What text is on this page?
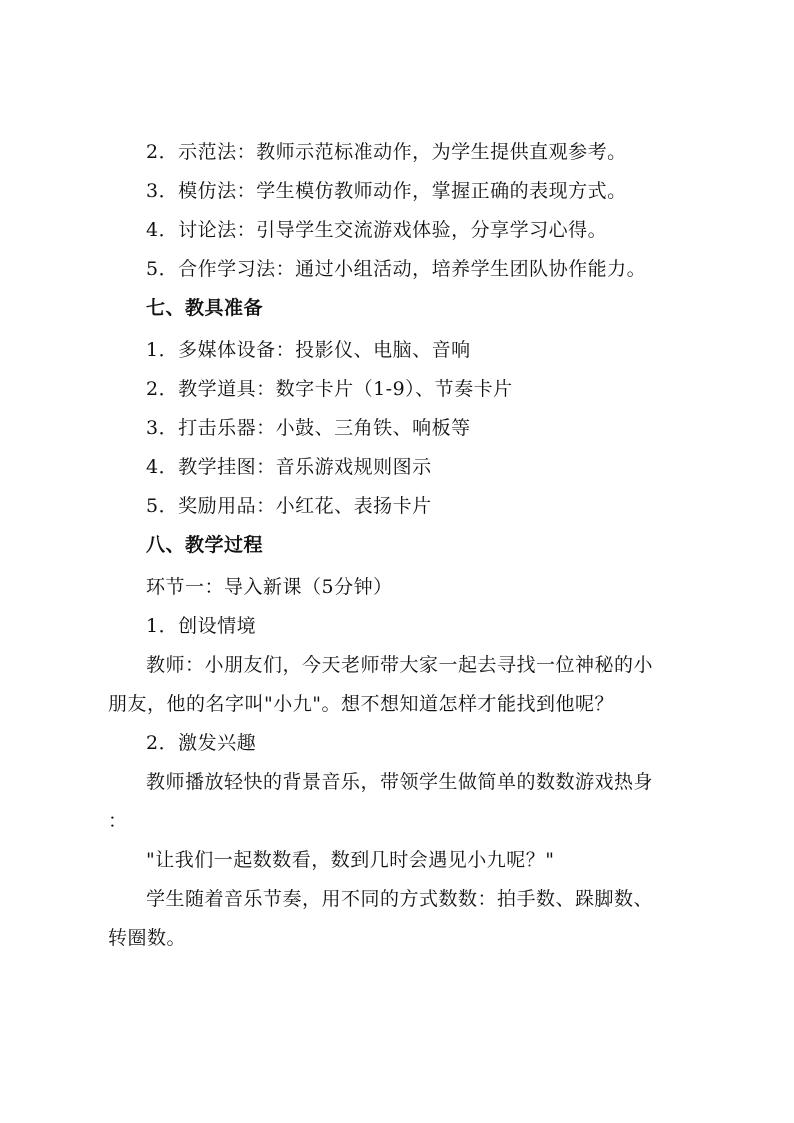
2．示范法：教师示范标准动作，为学生提供直观参考。
3．模仿法：学生模仿教师动作，掌握正确的表现方式。
4．讨论法：引导学生交流游戏体验，分享学习心得。
5．合作学习法：通过小组活动，培养学生团队协作能力。
七、教具准备
1．多媒体设备：投影仪、电脑、音响
2．教学道具：数字卡片（1-9）、节奏卡片
3．打击乐器：小鼓、三角铁、响板等
4．教学挂图：音乐游戏规则图示
5．奖励用品：小红花、表扬卡片
八、教学过程
环节一：导入新课（5分钟）
1．创设情境
教师：小朋友们，今天老师带大家一起去寻找一位神秘的小
朋友，他的名字叫"小九"。想不想知道怎样才能找到他呢？
2．激发兴趣
教师播放轻快的背景音乐，带领学生做简单的数数游戏热身
：
"让我们一起数数看，数到几时会遇见小九呢？"
学生随着音乐节奏，用不同的方式数数：拍手数、跺脚数、
转圈数。
